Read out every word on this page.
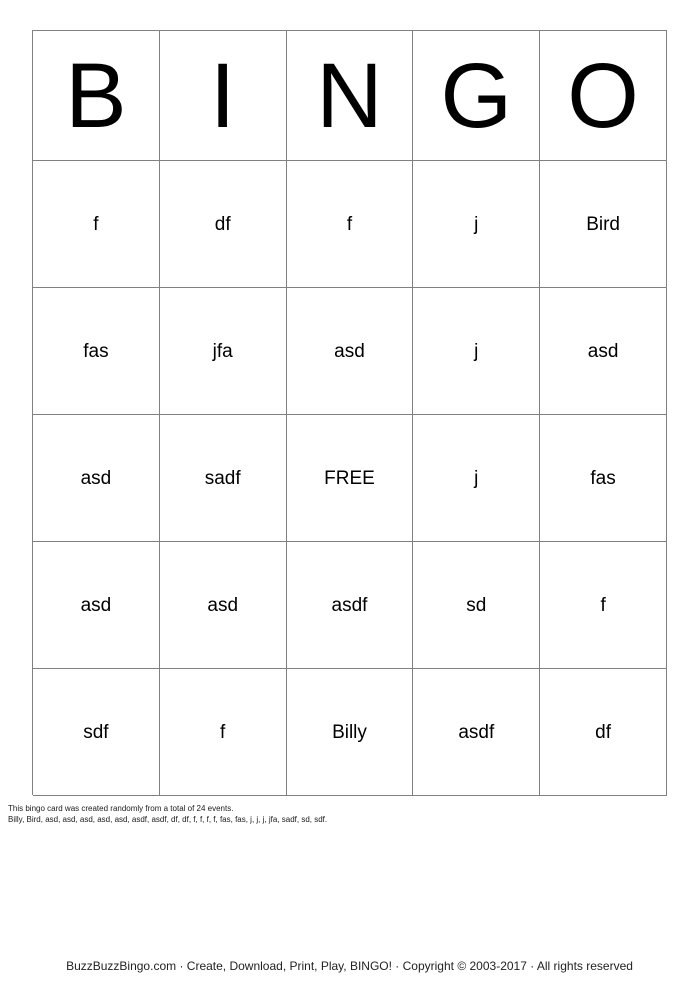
B I N G O
f	df	f	j	Bird
fas	jfa	asd	j	asd
asd	sadf	FREE	j	fas
asd	asd	asdf	sd	f
sdf	f	Billy	asdf	df
This bingo card was created randomly from a total of 24 events.
Billy, Bird, asd, asd, asd, asd, asd, asdf, asdf, df, df, f, f, f, f, fas, fas, j, j, j, jfa, sadf, sd, sdf.
BuzzBuzzBingo.com · Create, Download, Print, Play, BINGO! · Copyright © 2003-2017 · All rights reserved
